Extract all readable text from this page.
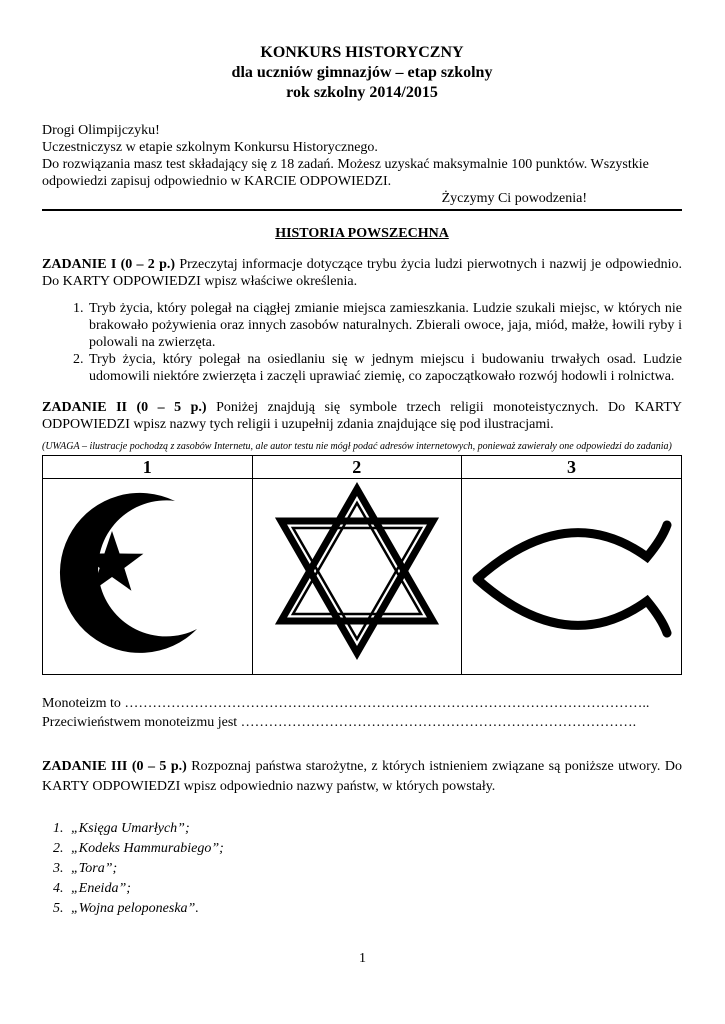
KONKURS HISTORYCZNY
dla uczniów gimnazjów – etap szkolny
rok szkolny 2014/2015
Drogi Olimpijczyku!
Uczestniczysz w etapie szkolnym Konkursu Historycznego.
Do rozwiązania masz test składający się z 18 zadań. Możesz uzyskać maksymalnie 100 punktów. Wszystkie odpowiedzi zapisuj odpowiednio w KARCIE ODPOWIEDZI.
Życzymy Ci powodzenia!
HISTORIA POWSZECHNA
ZADANIE I (0 – 2 p.) Przeczytaj informacje dotyczące trybu życia ludzi pierwotnych i nazwij je odpowiednio. Do KARTY ODPOWIEDZI wpisz właściwe określenia.
1. Tryb życia, który polegał na ciągłej zmianie miejsca zamieszkania. Ludzie szukali miejsc, w których nie brakowało pożywienia oraz innych zasobów naturalnych. Zbierali owoce, jaja, miód, małże, łowili ryby i polowali na zwierzęta.
2. Tryb życia, który polegał na osiedlaniu się w jednym miejscu i budowaniu trwałych osad. Ludzie udomowili niektóre zwierzęta i zaczęli uprawiać ziemię, co zapoczątkowało rozwój hodowli i rolnictwa.
ZADANIE II (0 – 5 p.) Poniżej znajdują się symbole trzech religii monoteistycznych. Do KARTY ODPOWIEDZI wpisz nazwy tych religii i uzupełnij zdania znajdujące się pod ilustracjami.
(UWAGA – ilustracje pochodzą z zasobów Internetu, ale autor testu nie mógł podać adresów internetowych, ponieważ zawierały one odpowiedzi do zadania)
1	2	3

Monoteizm to …………………………………………………………………………………………………..
Przeciwieństwem monoteizmu jest ………………………………………………………………………….
ZADANIE III (0 – 5 p.) Rozpoznaj państwa starożytne, z których istnieniem związane są poniższe utwory. Do KARTY ODPOWIEDZI wpisz odpowiednio nazwy państw, w których powstały.
1. „Księga Umarłych”;
2. „Kodeks Hammurabiego”;
3. „Tora”;
4. „Eneida”;
5. „Wojna peloponeska”.
1
